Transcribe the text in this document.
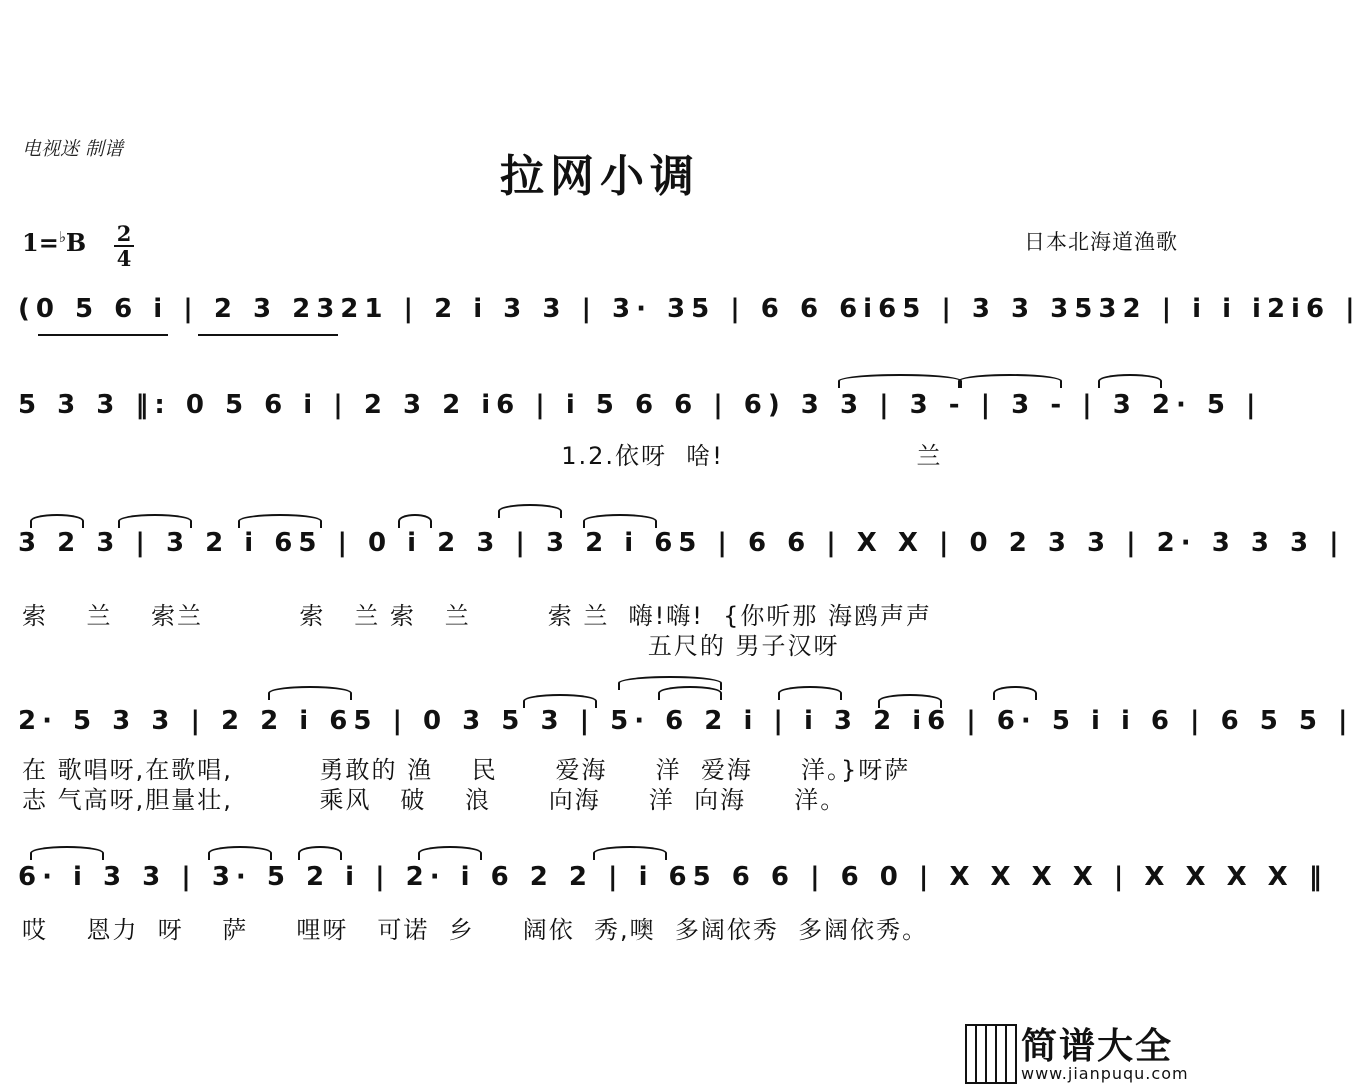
电视迷 制谱
拉网小调
1=♭B 2
4
日本北海道渔歌
(0 5 6 i | 2 3 2321 | 2 i 3 3 | 3· 35 | 6 6 6i65 | 3 3 3532 | i i i2i6 |
5 3 3 ‖: 0 5 6 i | 2 3 2 i6 | i 5 6 6 | 6) 3 3 | 3 - | 3 - | 3 2· 5 |
1.2.依呀  啥!                    兰
3 2 3 | 3 2 i 65 | 0 i 2 3 | 3 2 i 65 | 6 6 | X X | 0 2 3 3 | 2· 3 3 3 |
索    兰    索兰          索   兰 索   兰        索 兰  嗨!嗨!  {你听那 海鸥声声
五尺的 男子汉呀
2· 5 3 3 | 2 2 i 65 | 0 3 5 3 | 5· 6 2 i | i 3 2 i6 | 6· 5 i i 6 | 6 5 5 |
在 歌唱呀,在歌唱,         勇敢的 渔    民      爱海     洋  爱海     洋。}呀萨
志 气高呀,胆量壮,         乘风   破    浪      向海     洋  向海     洋。
6· i 3 3 | 3· 5 2 i | 2· i 6 2 2 | i 65 6 6 | 6 0 | X X X X | X X X X ‖
哎    恩力  呀    萨     哩呀   可诺  乡     阔依  秀,噢  多阔依秀  多阔依秀。
简谱大全
www.jianpuqu.com
